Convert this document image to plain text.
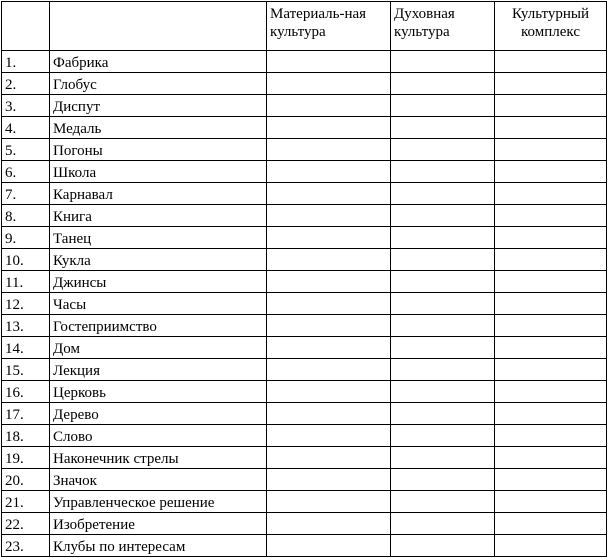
		Материаль-ная культура	Духовная культура	Культурный комплекс
1.	Фабрика			
2.	Глобус			
3.	Диспут			
4.	Медаль			
5.	Погоны			
6.	Школа			
7.	Карнавал			
8.	Книга			
9.	Танец			
10.	Кукла			
11.	Джинсы			
12.	Часы			
13.	Гостеприимство			
14.	Дом			
15.	Лекция			
16.	Церковь			
17.	Дерево			
18.	Слово			
19.	Наконечник стрелы			
20.	Значок			
21.	Управленческое решение			
22.	Изобретение			
23.	Клубы по интересам			
